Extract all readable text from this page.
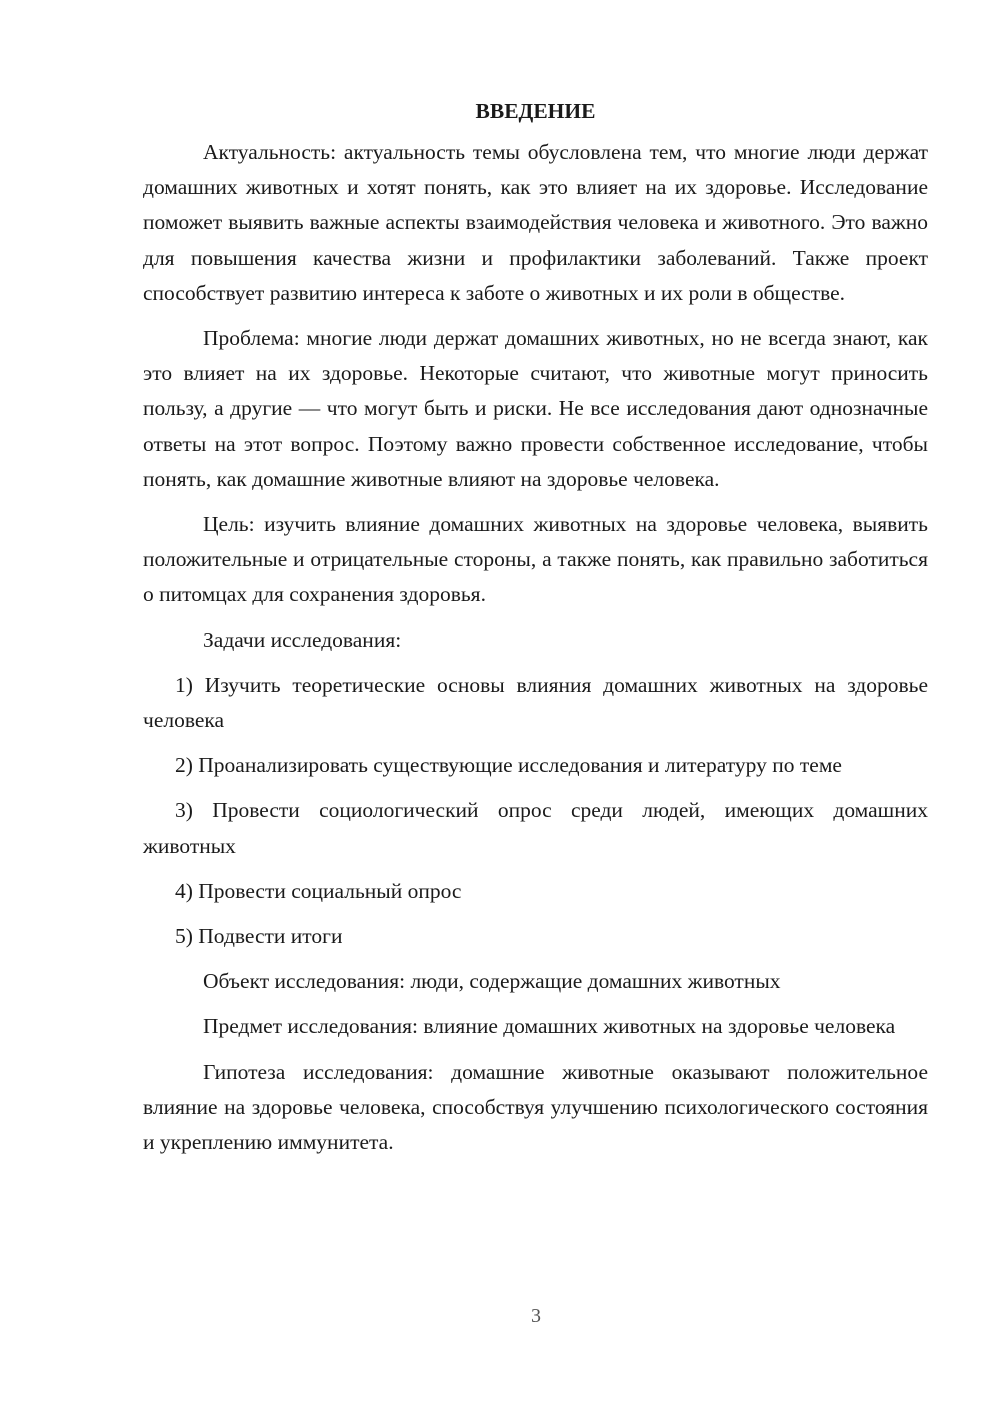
ВВЕДЕНИЕ

Актуальность: актуальность темы обусловлена тем, что многие люди держат домашних животных и хотят понять, как это влияет на их здоровье. Исследование поможет выявить важные аспекты взаимодействия человека и животного. Это важно для повышения качества жизни и профилактики заболеваний. Также проект способствует развитию интереса к заботе о животных и их роли в обществе.

Проблема: многие люди держат домашних животных, но не всегда знают, как это влияет на их здоровье. Некоторые считают, что животные могут приносить пользу, а другие — что могут быть и риски. Не все исследования дают однозначные ответы на этот вопрос. Поэтому важно провести собственное исследование, чтобы понять, как домашние животные влияют на здоровье человека.

Цель: изучить влияние домашних животных на здоровье человека, выявить положительные и отрицательные стороны, а также понять, как правильно заботиться о питомцах для сохранения здоровья.

Задачи исследования:

1) Изучить теоретические основы влияния домашних животных на здоровье человека

2) Проанализировать существующие исследования и литературу по теме

3) Провести социологический опрос среди людей, имеющих домашних животных

4) Провести социальный опрос

5) Подвести итоги

Объект исследования: люди, содержащие домашних животных

Предмет исследования: влияние домашних животных на здоровье человека

Гипотеза исследования: домашние животные оказывают положительное влияние на здоровье человека, способствуя улучшению психологического состояния и укреплению иммунитета.

3
